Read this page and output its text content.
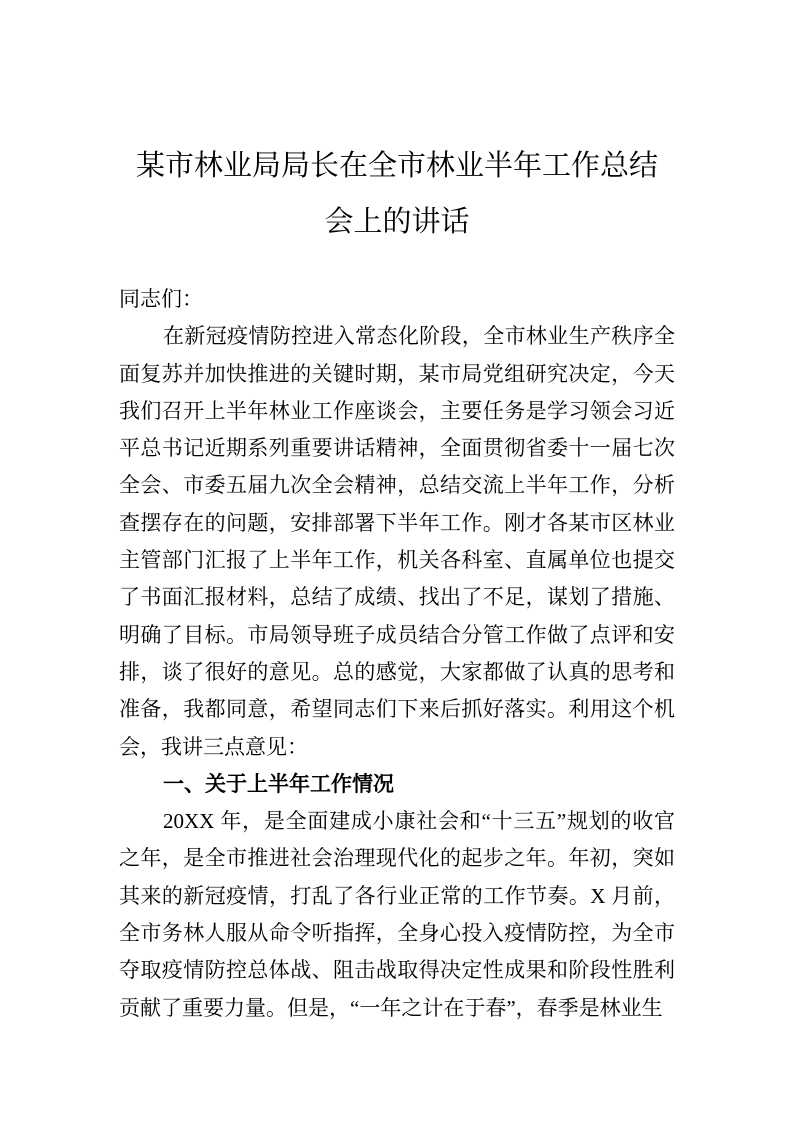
某市林业局局长在全市林业半年工作总结
会上的讲话

同志们：

在新冠疫情防控进入常态化阶段，全市林业生产秩序全面复苏并加快推进的关键时期，某市局党组研究决定，今天我们召开上半年林业工作座谈会，主要任务是学习领会习近平总书记近期系列重要讲话精神，全面贯彻省委十一届七次全会、市委五届九次全会精神，总结交流上半年工作，分析查摆存在的问题，安排部署下半年工作。刚才各某市区林业主管部门汇报了上半年工作，机关各科室、直属单位也提交了书面汇报材料，总结了成绩、找出了不足，谋划了措施、 明确了目标。市局领导班子成员结合分管工作做了点评和安排，谈了很好的意见。总的感觉，大家都做了认真的思考和准备，我都同意，希望同志们下来后抓好落实。利用这个机会，我讲三点意见：

一、关于上半年工作情况

20XX 年，是全面建成小康社会和“十三五”规划的收官之年，是全市推进社会治理现代化的起步之年。年初，突如其来的新冠疫情，打乱了各行业正常的工作节奏。X 月前，全市务林人服从命令听指挥，全身心投入疫情防控，为全市夺取疫情防控总体战、阻击战取得决定性成果和阶段性胜利贡献了重要力量。但是，“一年之计在于春”，春季是林业生
